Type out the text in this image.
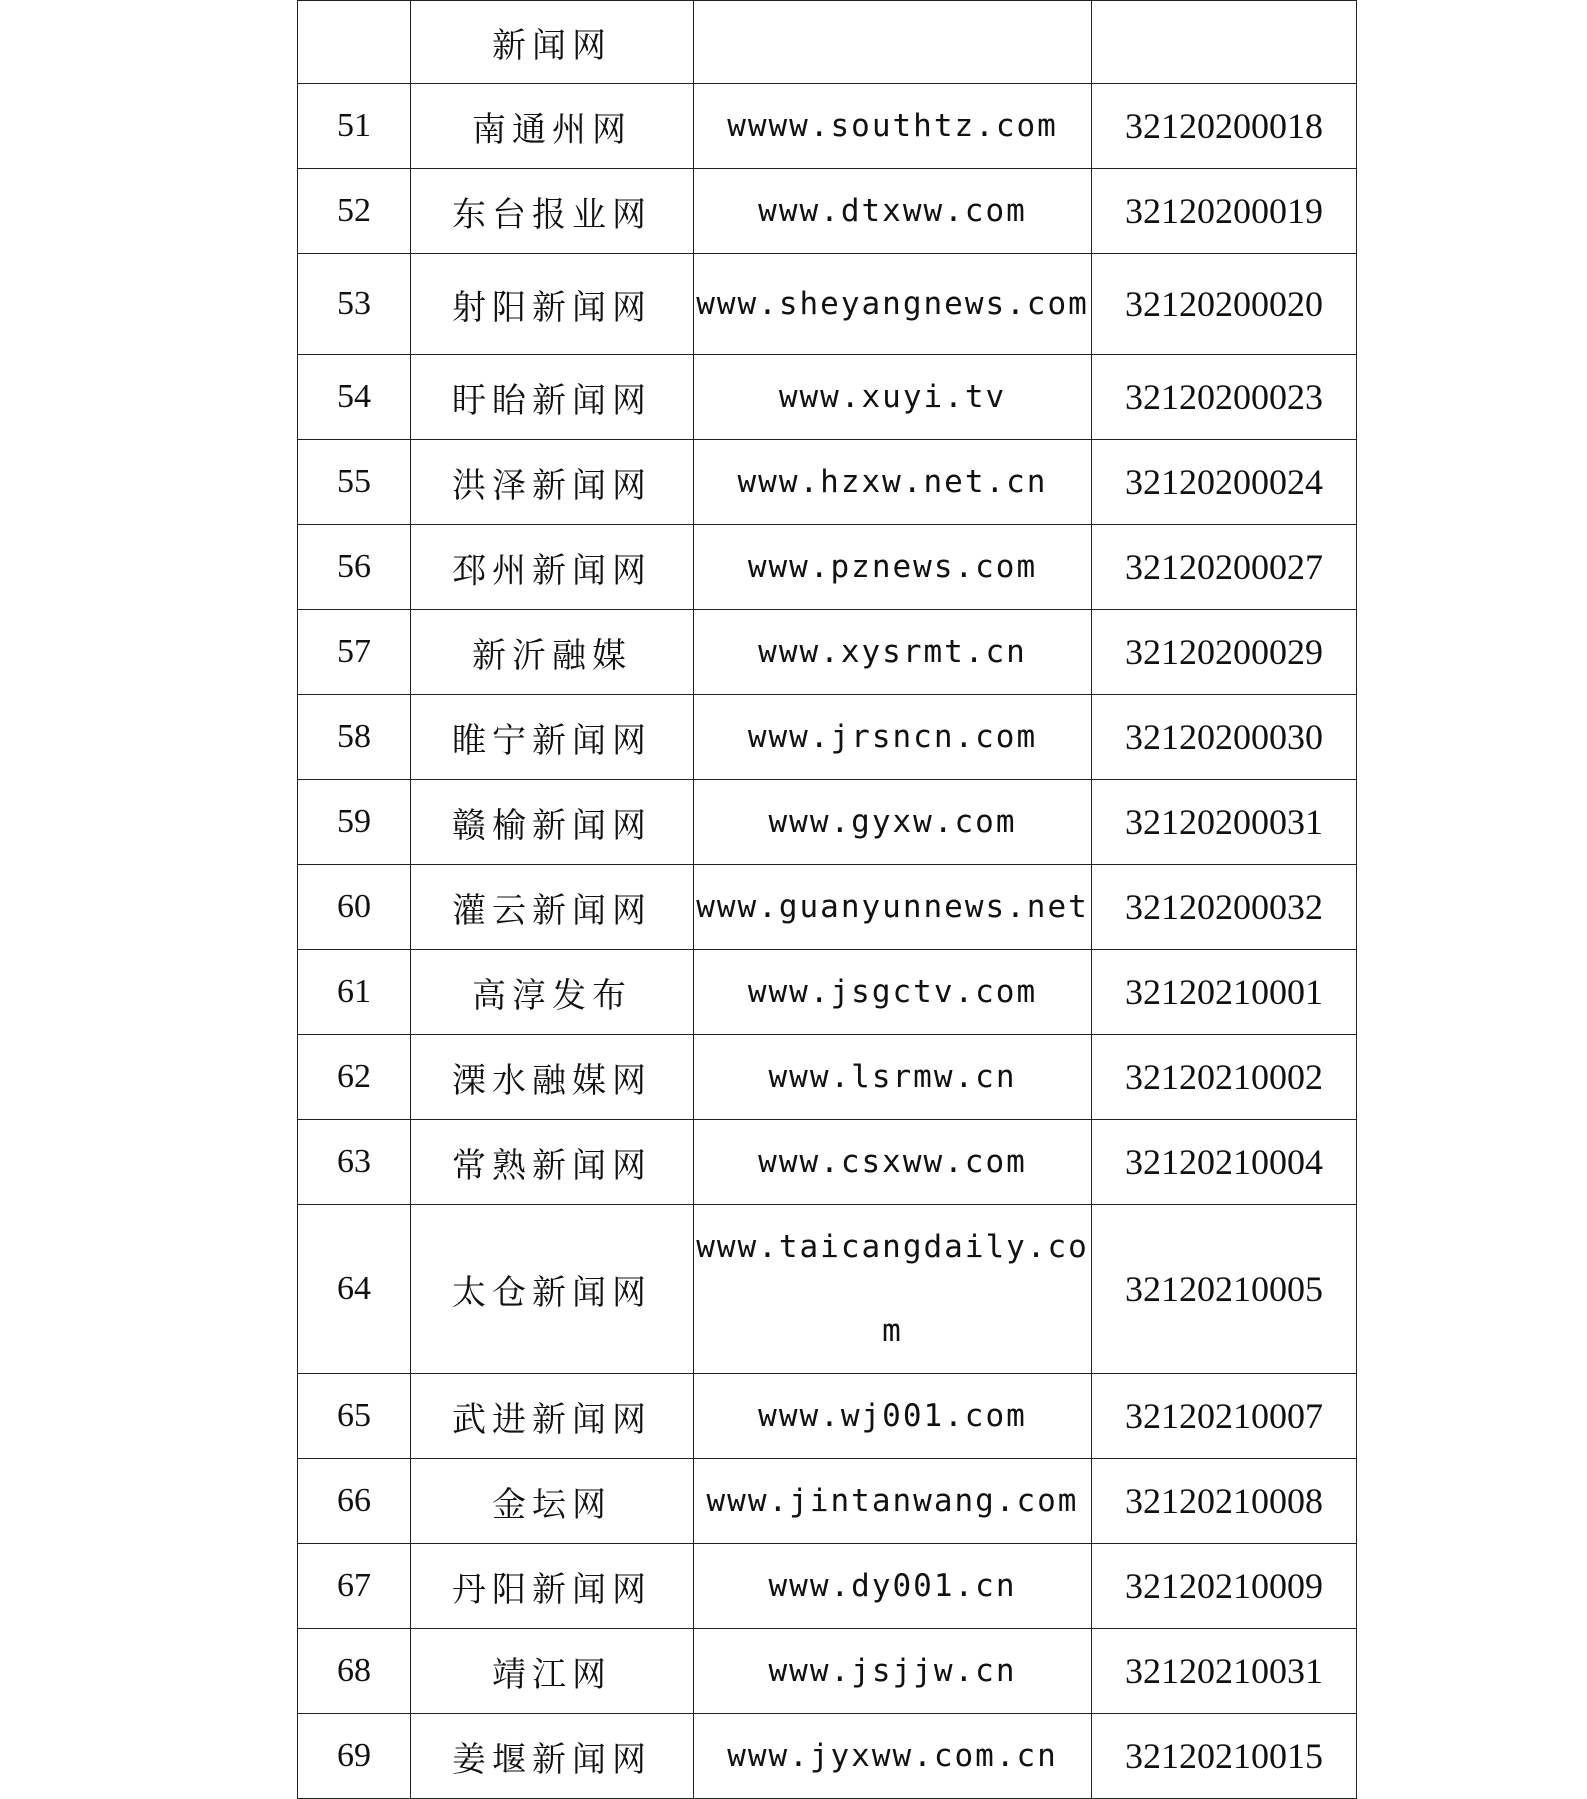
	新闻网		
51	南通州网	wwww.southtz.com	32120200018
52	东台报业网	www.dtxww.com	32120200019
53	射阳新闻网	www.sheyangnews.com	32120200020
54	盱眙新闻网	www.xuyi.tv	32120200023
55	洪泽新闻网	www.hzxw.net.cn	32120200024
56	邳州新闻网	www.pznews.com	32120200027
57	新沂融媒	www.xysrmt.cn	32120200029
58	睢宁新闻网	www.jrsncn.com	32120200030
59	赣榆新闻网	www.gyxw.com	32120200031
60	灌云新闻网	www.guanyunnews.net	32120200032
61	高淳发布	www.jsgctv.com	32120210001
62	溧水融媒网	www.lsrmw.cn	32120210002
63	常熟新闻网	www.csxww.com	32120210004
64	太仓新闻网	www.taicangdaily.com	32120210005
65	武进新闻网	www.wj001.com	32120210007
66	金坛网	www.jintanwang.com	32120210008
67	丹阳新闻网	www.dy001.cn	32120210009
68	靖江网	www.jsjjw.cn	32120210031
69	姜堰新闻网	www.jyxww.com.cn	32120210015
